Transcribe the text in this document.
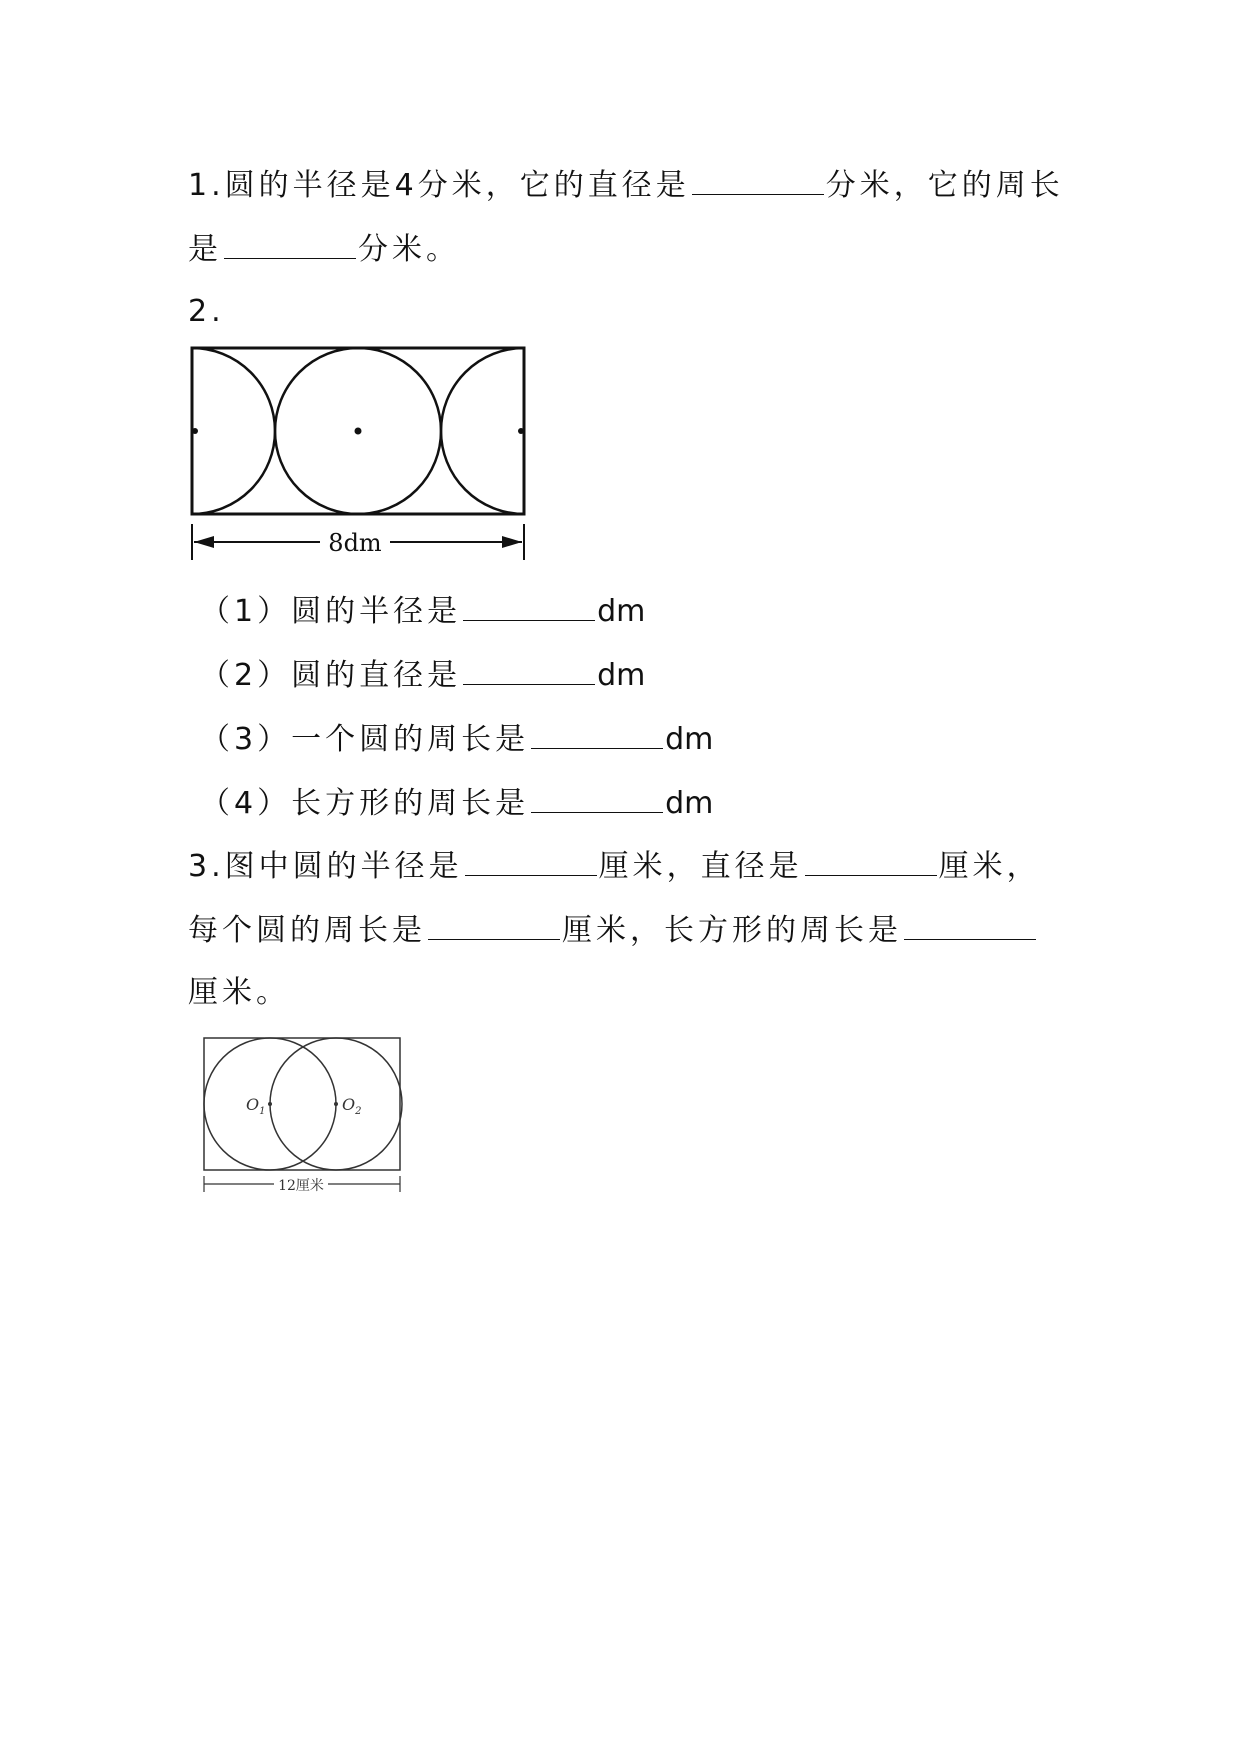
1.圆的半径是4分米，它的直径是	分米，它的周长
是	分米。
2.
8dm
（1）圆的半径是	dm
（2）圆的直径是	dm
（3）一个圆的周长是	dm
（4）长方形的周长是	dm
3.图中圆的半径是	厘米，直径是	厘米，
每个圆的周长是	厘米，长方形的周长是
厘米。
$O_1$	$O_2$
12厘米
